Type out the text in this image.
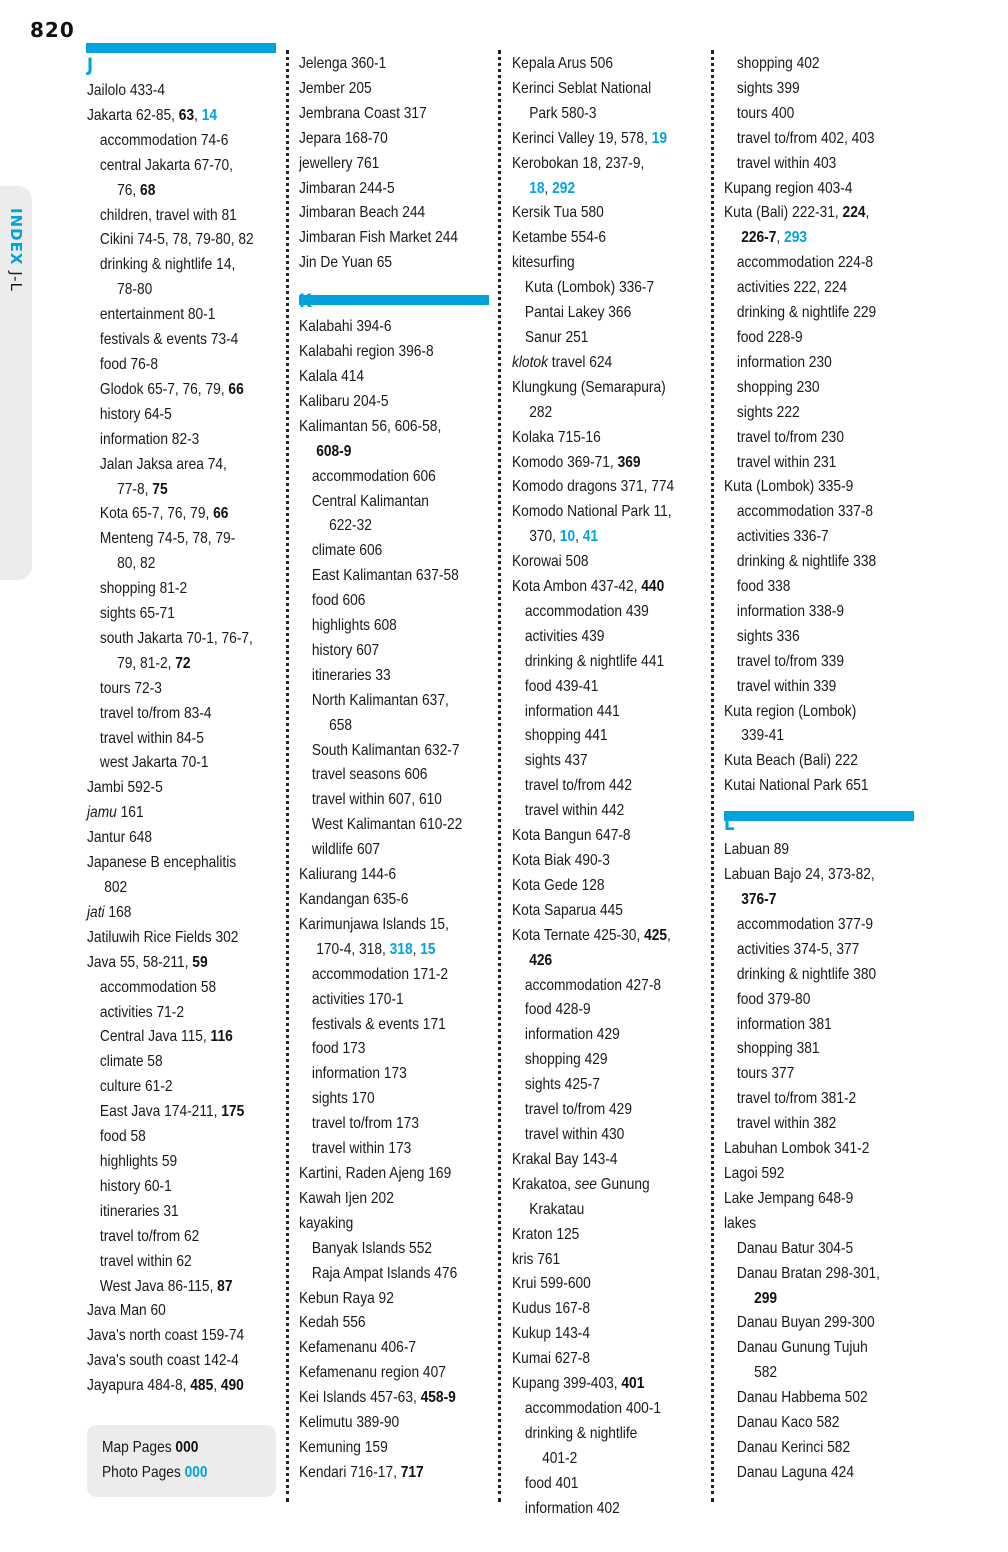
820
INDEX J-L
J
Jailolo 433-4
Jakarta 62-85, 63, 14
accommodation 74-6
central Jakarta 67-70,
76, 68
children, travel with 81
Cikini 74-5, 78, 79-80, 82
drinking & nightlife 14,
78-80
entertainment 80-1
festivals & events 73-4
food 76-8
Glodok 65-7, 76, 79, 66
history 64-5
information 82-3
Jalan Jaksa area 74,
77-8, 75
Kota 65-7, 76, 79, 66
Menteng 74-5, 78, 79-
80, 82
shopping 81-2
sights 65-71
south Jakarta 70-1, 76-7,
79, 81-2, 72
tours 72-3
travel to/from 83-4
travel within 84-5
west Jakarta 70-1
Jambi 592-5
jamu 161
Jantur 648
Japanese B encephalitis
802
jati 168
Jatiluwih Rice Fields 302
Java 55, 58-211, 59
accommodation 58
activities 71-2
Central Java 115, 116
climate 58
culture 61-2
East Java 174-211, 175
food 58
highlights 59
history 60-1
itineraries 31
travel to/from 62
travel within 62
West Java 86-115, 87
Java Man 60
Java's north coast 159-74
Java's south coast 142-4
Jayapura 484-8, 485, 490
Jelenga 360-1
Jember 205
Jembrana Coast 317
Jepara 168-70
jewellery 761
Jimbaran 244-5
Jimbaran Beach 244
Jimbaran Fish Market 244
Jin De Yuan 65
K
Kalabahi 394-6
Kalabahi region 396-8
Kalala 414
Kalibaru 204-5
Kalimantan 56, 606-58,
608-9
accommodation 606
Central Kalimantan
622-32
climate 606
East Kalimantan 637-58
food 606
highlights 608
history 607
itineraries 33
North Kalimantan 637,
658
South Kalimantan 632-7
travel seasons 606
travel within 607, 610
West Kalimantan 610-22
wildlife 607
Kaliurang 144-6
Kandangan 635-6
Karimunjawa Islands 15,
170-4, 318, 318, 15
accommodation 171-2
activities 170-1
festivals & events 171
food 173
information 173
sights 170
travel to/from 173
travel within 173
Kartini, Raden Ajeng 169
Kawah Ijen 202
kayaking
Banyak Islands 552
Raja Ampat Islands 476
Kebun Raya 92
Kedah 556
Kefamenanu 406-7
Kefamenanu region 407
Kei Islands 457-63, 458-9
Kelimutu 389-90
Kemuning 159
Kendari 716-17, 717
Kepala Arus 506
Kerinci Seblat National
Park 580-3
Kerinci Valley 19, 578, 19
Kerobokan 18, 237-9,
18, 292
Kersik Tua 580
Ketambe 554-6
kitesurfing
Kuta (Lombok) 336-7
Pantai Lakey 366
Sanur 251
klotok travel 624
Klungkung (Semarapura)
282
Kolaka 715-16
Komodo 369-71, 369
Komodo dragons 371, 774
Komodo National Park 11,
370, 10, 41
Korowai 508
Kota Ambon 437-42, 440
accommodation 439
activities 439
drinking & nightlife 441
food 439-41
information 441
shopping 441
sights 437
travel to/from 442
travel within 442
Kota Bangun 647-8
Kota Biak 490-3
Kota Gede 128
Kota Saparua 445
Kota Ternate 425-30, 425,
426
accommodation 427-8
food 428-9
information 429
shopping 429
sights 425-7
travel to/from 429
travel within 430
Krakal Bay 143-4
Krakatoa, see Gunung
Krakatau
Kraton 125
kris 761
Krui 599-600
Kudus 167-8
Kukup 143-4
Kumai 627-8
Kupang 399-403, 401
accommodation 400-1
drinking & nightlife
401-2
food 401
information 402
shopping 402
sights 399
tours 400
travel to/from 402, 403
travel within 403
Kupang region 403-4
Kuta (Bali) 222-31, 224,
226-7, 293
accommodation 224-8
activities 222, 224
drinking & nightlife 229
food 228-9
information 230
shopping 230
sights 222
travel to/from 230
travel within 231
Kuta (Lombok) 335-9
accommodation 337-8
activities 336-7
drinking & nightlife 338
food 338
information 338-9
sights 336
travel to/from 339
travel within 339
Kuta region (Lombok)
339-41
Kuta Beach (Bali) 222
Kutai National Park 651
L
Labuan 89
Labuan Bajo 24, 373-82,
376-7
accommodation 377-9
activities 374-5, 377
drinking & nightlife 380
food 379-80
information 381
shopping 381
tours 377
travel to/from 381-2
travel within 382
Labuhan Lombok 341-2
Lagoi 592
Lake Jempang 648-9
lakes
Danau Batur 304-5
Danau Bratan 298-301,
299
Danau Buyan 299-300
Danau Gunung Tujuh
582
Danau Habbema 502
Danau Kaco 582
Danau Kerinci 582
Danau Laguna 424
Map Pages 000
Photo Pages 000
